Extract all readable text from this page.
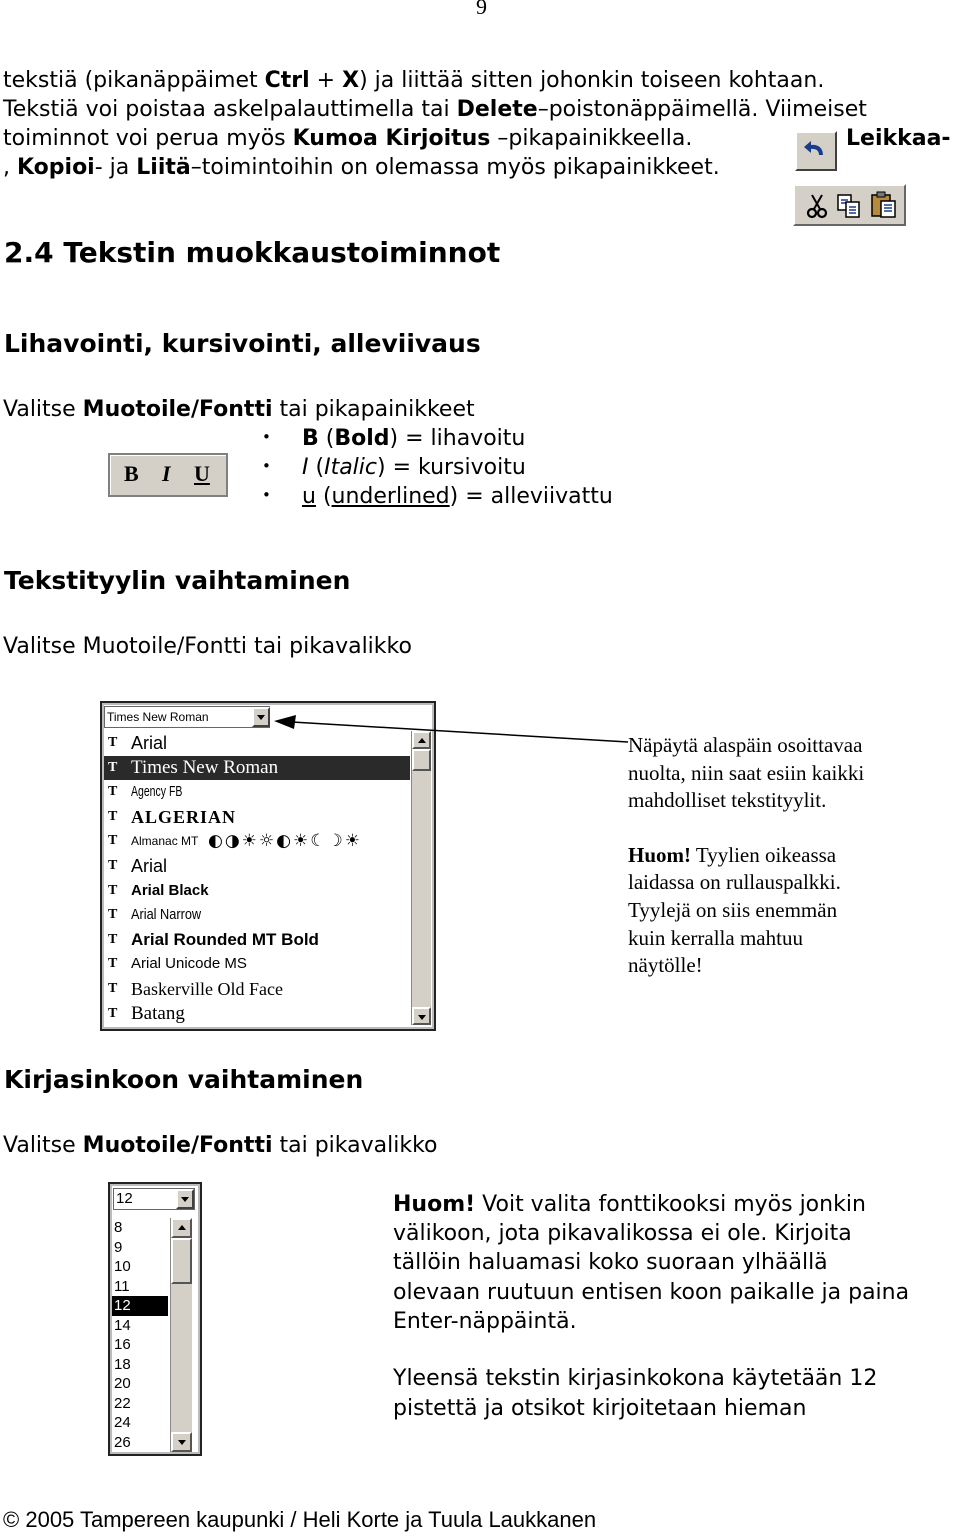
9
tekstiä (pikanäppäimet Ctrl + X) ja liittää sitten johonkin toiseen kohtaan.
Tekstiä voi poistaa askelpalauttimella tai Delete–poistonäppäimellä. Viimeiset
toiminnot voi perua myös Kumoa Kirjoitus –pikapainikkeella.	Leikkaa-
, Kopioi- ja Liitä–toimintoihin on olemassa myös pikapainikkeet.
2.4 Tekstin muokkaustoiminnot
Lihavointi, kursivointi, alleviivaus
Valitse Muotoile/Fontti tai pikapainikkeet
B I U
• B (Bold) = lihavoitu
• I (Italic) = kursivoitu
• u (underlined) = alleviivattu
Tekstityylin vaihtaminen
Valitse Muotoile/Fontti tai pikavalikko
Times New Roman
T Arial
T Times New Roman
T Agency FB
T ALGERIAN
T Almanac MT ◐◑☀☼◐☀☾☽☀
T Arial
T Arial Black
T Arial Narrow
T Arial Rounded MT Bold
T Arial Unicode MS
T Baskerville Old Face
T Batang
Näpäytä alaspäin osoittavaa
nuolta, niin saat esiin kaikki
mahdolliset tekstityylit.
Huom! Tyylien oikeassa
laidassa on rullauspalkki.
Tyylejä on siis enemmän
kuin kerralla mahtuu
näytölle!
Kirjasinkoon vaihtaminen
Valitse Muotoile/Fontti tai pikavalikko
12
8
9
10
11
12
14
16
18
20
22
24
26
Huom! Voit valita fonttikooksi myös jonkin
välikoon, jota pikavalikossa ei ole. Kirjoita
tällöin haluamasi koko suoraan ylhäällä
olevaan ruutuun entisen koon paikalle ja paina
Enter-näppäintä.
Yleensä tekstin kirjasinkokona käytetään 12
pistettä ja otsikot kirjoitetaan hieman
© 2005 Tampereen kaupunki / Heli Korte ja Tuula Laukkanen
